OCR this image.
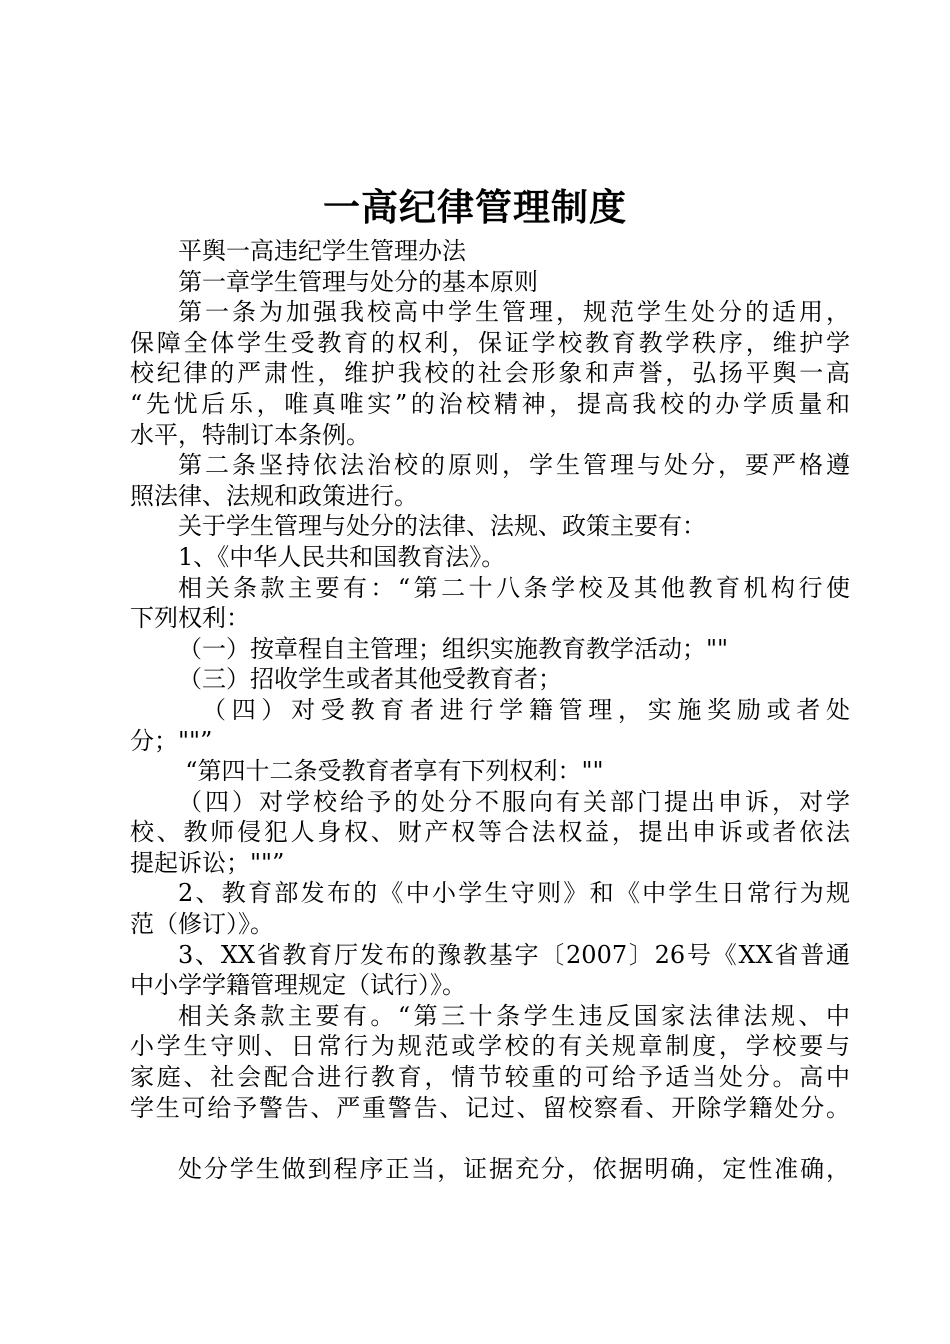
一高纪律管理制度
平舆一高违纪学生管理办法
第一章学生管理与处分的基本原则
第一条为加强我校高中学生管理，规范学生处分的适用，
保障全体学生受教育的权利，保证学校教育教学秩序，维护学
校纪律的严肃性，维护我校的社会形象和声誉，弘扬平舆一高
“先忧后乐，唯真唯实”的治校精神，提高我校的办学质量和
水平，特制订本条例。
第二条坚持依法治校的原则，学生管理与处分，要严格遵
照法律、法规和政策进行。
关于学生管理与处分的法律、法规、政策主要有：
1、《中华人民共和国教育法》。
相关条款主要有：“第二十八条学校及其他教育机构行使
下列权利：
（一）按章程自主管理；组织实施教育教学活动；""
（三）招收学生或者其他受教育者；
（四）对受教育者进行学籍管理，实施奖励或者处
分；""”
“第四十二条受教育者享有下列权利：""
（四）对学校给予的处分不服向有关部门提出申诉，对学
校、教师侵犯人身权、财产权等合法权益，提出申诉或者依法
提起诉讼；""”
2、教育部发布的《中小学生守则》和《中学生日常行为规
范（修订）》。
3、XX省教育厅发布的豫教基字〔2007〕26号《XX省普通
中小学学籍管理规定（试行）》。
相关条款主要有。“第三十条学生违反国家法律法规、中
小学生守则、日常行为规范或学校的有关规章制度，学校要与
家庭、社会配合进行教育，情节较重的可给予适当处分。高中
学生可给予警告、严重警告、记过、留校察看、开除学籍处分。
处分学生做到程序正当，证据充分，依据明确，定性准确，
